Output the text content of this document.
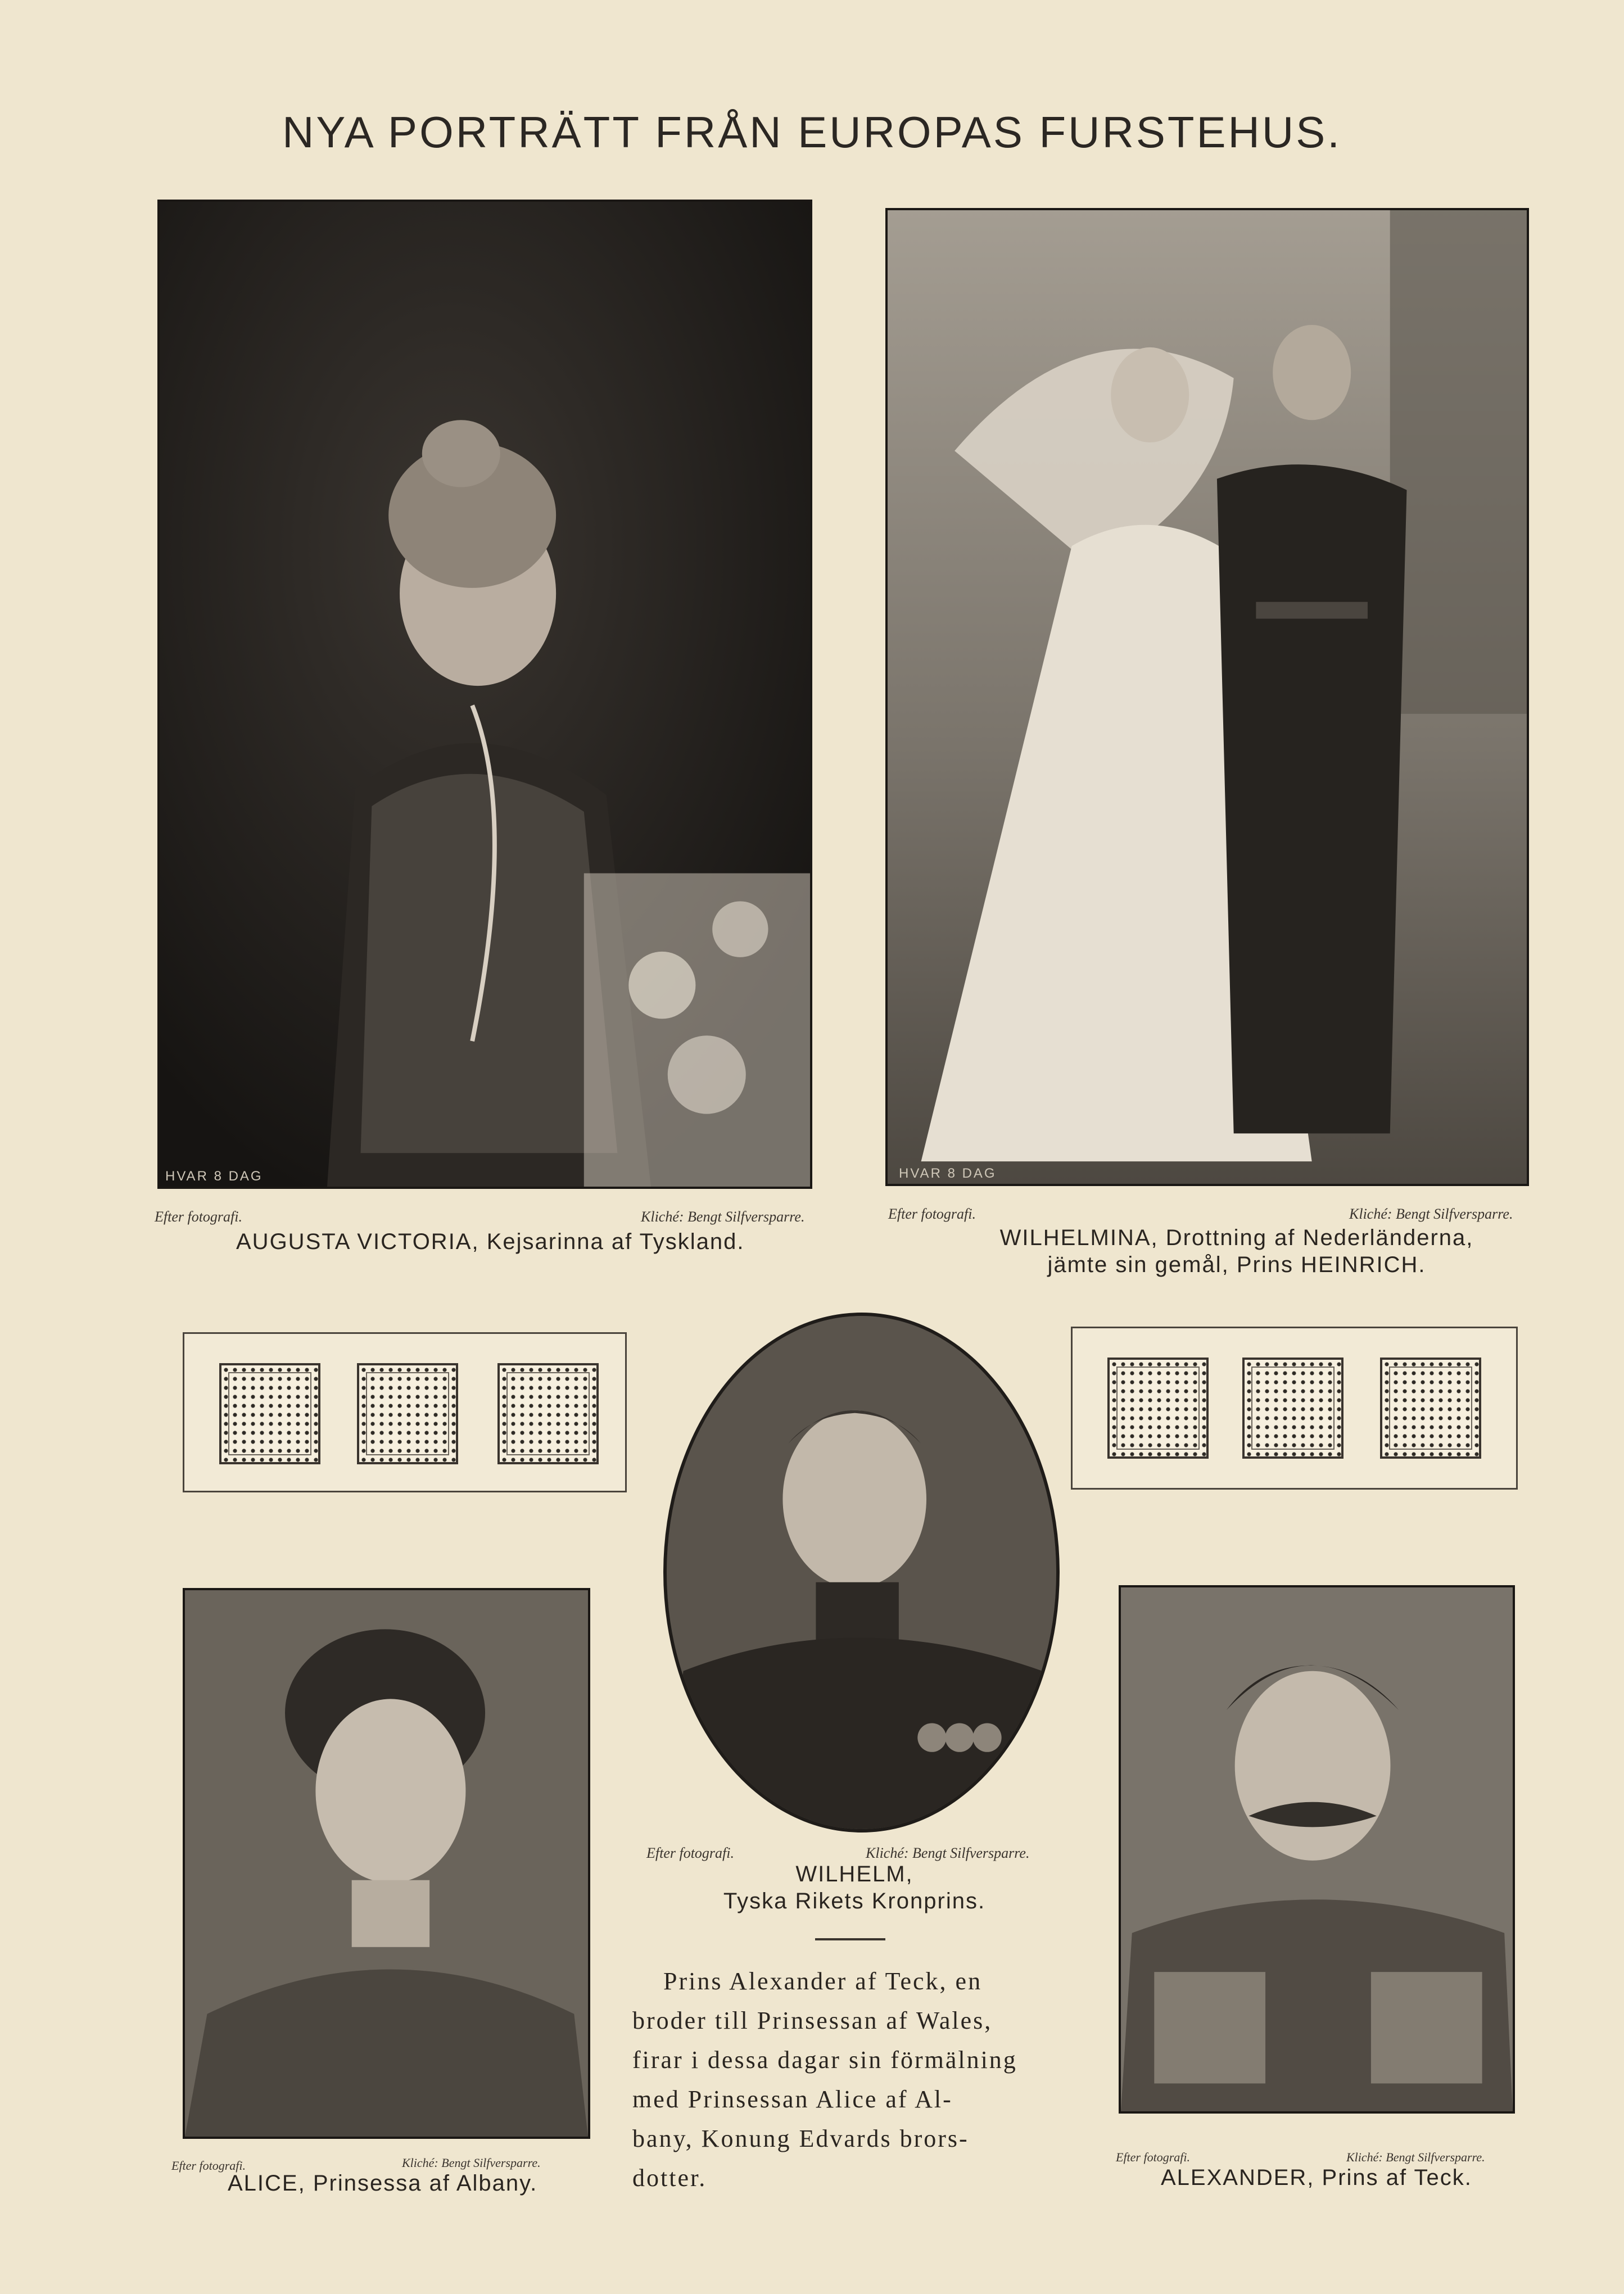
NYA PORTRÄTT FRÅN EUROPAS FURSTEHUS.
HVAR 8 DAG
Efter fotografi.	Kliché: Bengt Silfversparre.
AUGUSTA VICTORIA, Kejsarinna af Tyskland.
HVAR 8 DAG
Efter fotografi.	Kliché: Bengt Silfversparre.
WILHELMINA, Drottning af Nederländerna,
jämte sin gemål, Prins HEINRICH.
Efter fotografi.	Kliché: Bengt Silfversparre.
WILHELM,
Tyska Rikets Kronprins.
Prins Alexander af Teck, en
broder till Prinsessan af Wales,
firar i dessa dagar sin förmälning
med Prinsessan Alice af Al-
bany, Konung Edvards brors-
dotter.
Efter fotografi.	Kliché: Bengt Silfversparre.
ALICE, Prinsessa af Albany.
Efter fotografi.	Kliché: Bengt Silfversparre.
ALEXANDER, Prins af Teck.
